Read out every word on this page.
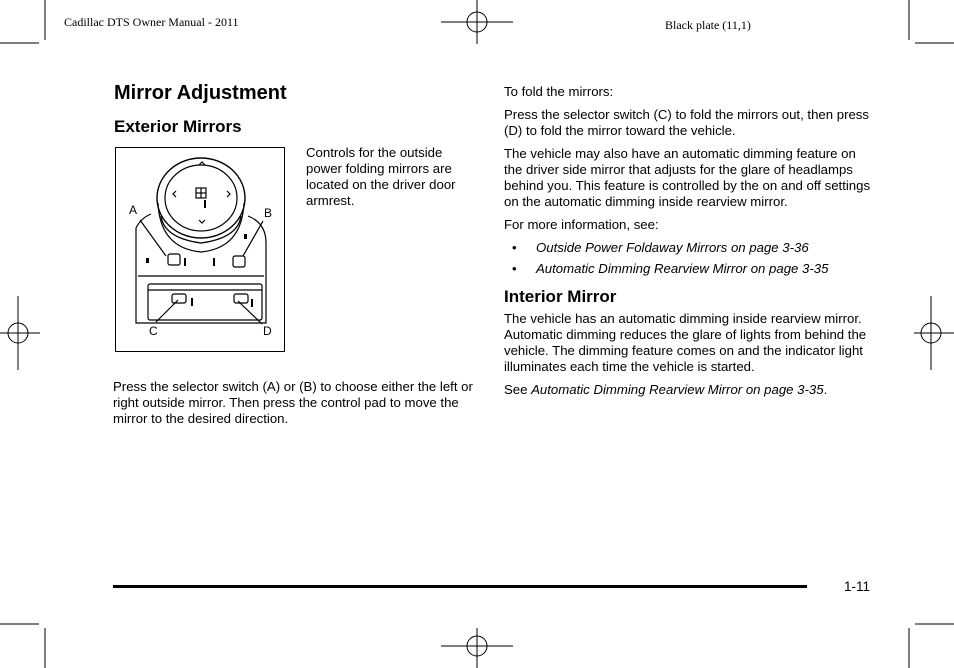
Cadillac DTS Owner Manual - 2011	Black plate (11,1)
Mirror Adjustment
Exterior Mirrors
A	B
C	D
Controls for the outside power folding mirrors are located on the driver door armrest.
Press the selector switch (A) or (B) to choose either the left or right outside mirror. Then press the control pad to move the mirror to the desired direction.

To fold the mirrors:

Press the selector switch (C) to fold the mirrors out, then press (D) to fold the mirror toward the vehicle.

The vehicle may also have an automatic dimming feature on the driver side mirror that adjusts for the glare of headlamps behind you. This feature is controlled by the on and off settings on the automatic dimming inside rearview mirror.

For more information, see:

• Outside Power Foldaway Mirrors on page 3-36
• Automatic Dimming Rearview Mirror on page 3-35
Interior Mirror

The vehicle has an automatic dimming inside rearview mirror. Automatic dimming reduces the glare of lights from behind the vehicle. The dimming feature comes on and the indicator light illuminates each time the vehicle is started.

See Automatic Dimming Rearview Mirror on page 3-35.

1-11
